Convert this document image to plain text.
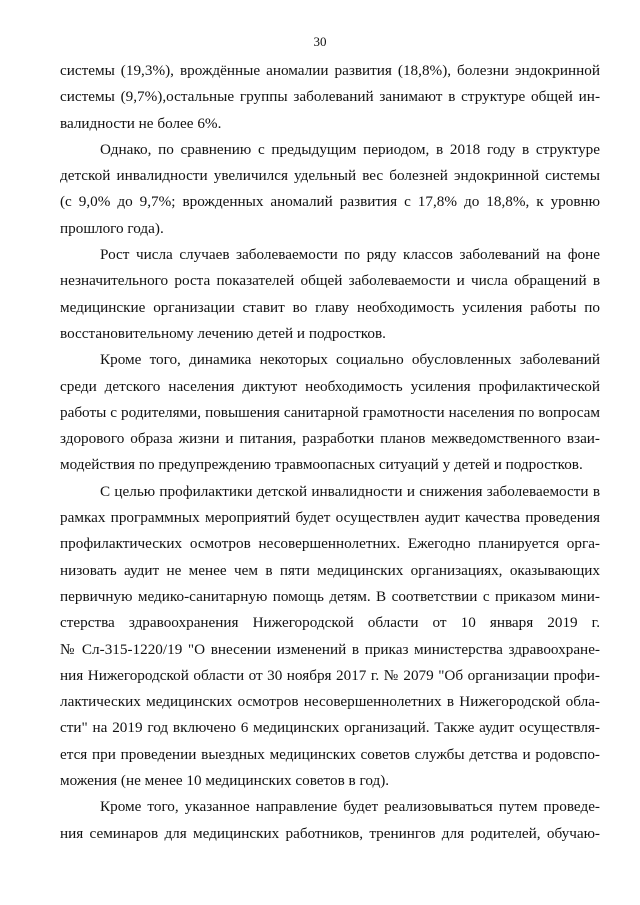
30
системы (19,3%), врождённые аномалии развития (18,8%), болезни эндокринной
системы (9,7%),остальные группы заболеваний занимают в структуре общей ин-
валидности не более 6%.
Однако, по сравнению с предыдущим периодом, в 2018 году в структуре
детской инвалидности увеличился удельный вес болезней эндокринной системы
(с 9,0% до 9,7%; врожденных аномалий развития с 17,8% до 18,8%, к уровню
прошлого года).
Рост числа случаев заболеваемости по ряду классов заболеваний на фоне
незначительного роста показателей общей заболеваемости и числа обращений в
медицинские организации ставит во главу необходимость усиления работы по
восстановительному лечению детей и подростков.
Кроме того, динамика некоторых социально обусловленных заболеваний
среди детского населения диктуют необходимость усиления профилактической
работы с родителями, повышения санитарной грамотности населения по вопросам
здорового образа жизни и питания, разработки планов межведомственного взаи-
модействия по предупреждению травмоопасных ситуаций у детей и подростков.
С целью профилактики детской инвалидности и снижения заболеваемости в
рамках программных мероприятий будет осуществлен аудит качества проведения
профилактических осмотров несовершеннолетних. Ежегодно планируется орга-
низовать аудит не менее чем в пяти медицинских организациях, оказывающих
первичную медико-санитарную помощь детям. В соответствии с приказом мини-
стерства здравоохранения Нижегородской области от 10 января 2019 г.
№ Сл-315-1220/19 "О внесении изменений в приказ министерства здравоохране-
ния Нижегородской области от 30 ноября 2017 г. № 2079 "Об организации профи-
лактических медицинских осмотров несовершеннолетних в Нижегородской обла-
сти" на 2019 год включено 6 медицинских организаций. Также аудит осуществля-
ется при проведении выездных медицинских советов службы детства и родовспо-
можения (не менее 10 медицинских советов в год).
Кроме того, указанное направление будет реализовываться путем проведе-
ния семинаров для медицинских работников, тренингов для родителей, обучаю-
